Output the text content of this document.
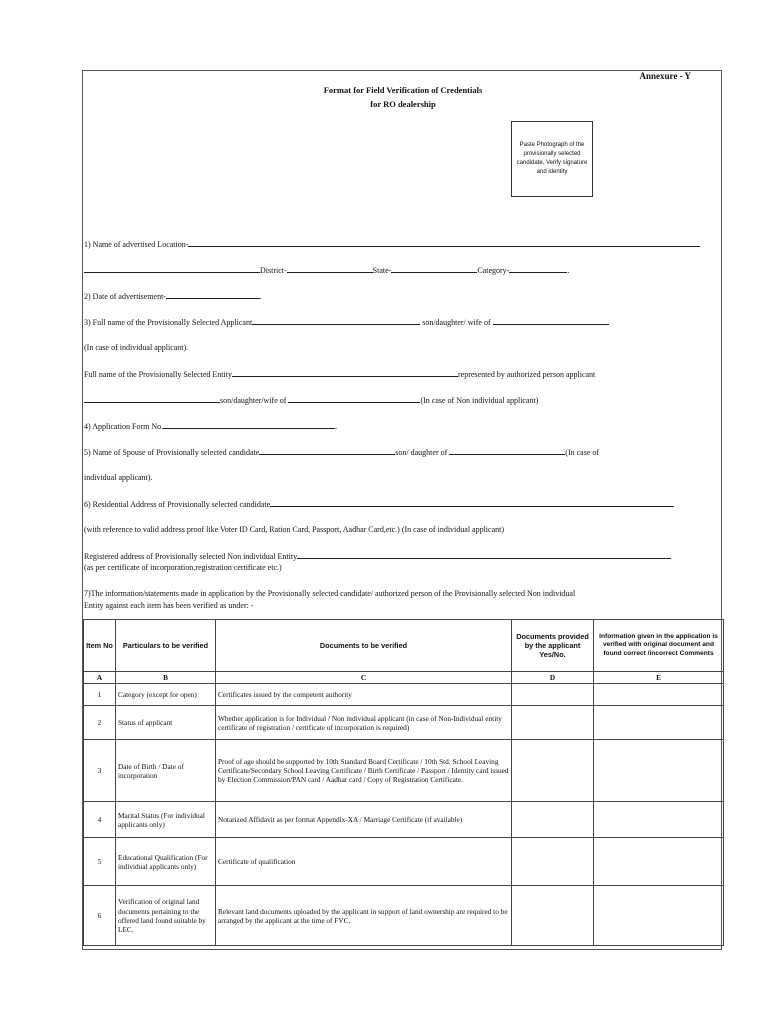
Annexure - Y
Format for Field Verification of Credentials
for RO dealership
Paste Photograph of the provisionally selected candidate. Verify signature and identity
1) Name of advertised Location-
District-	State-	Category-	.
2) Date of advertisement-	.
3) Full name of the Provisionally Selected Applicant	son/daughter/ wife of
(In case of individual applicant).
Full name of the Provisionally Selected Entity	represented by authorized person applicant
son/daughter/wife of	(In case of Non individual applicant)
4) Application Form No.	.
5) Name of Spouse of Provisionally selected candidate	son/ daughter of	(In case of
individual applicant).
6) Residential Address of Provisionally selected candidate
(with reference to valid address proof like Voter ID Card, Ration Card, Passport, Aadhar Card,etc.) (In case of individual applicant)
Registered address of Provisionally selected Non individual Entity
(as per certificate of incorporation,registration certificate etc.)
7)The information/statements made in application by the Provisionally selected candidate/ authorized person of the Provisionally selected Non individual
Entity against each item has been verified as under: -
Item No	Particulars to be verified	Documents to be verified	Documents provided by the applicant Yes/No.	Information given in the application is verified with original document and found correct /incorrect Comments
A	B	C	D	E
1	Category (except for open)	Certificates issued by the competent authority		
2	Status of applicant	Whether application is for Individual / Non individual applicant (in case of Non-Individual entity certificate of registration / certificate of incorporation is required)		
3	Date of Birth / Date of incorporation	Proof of age should be supported by 10th Standard Board Certificate / 10th Std. School Leaving Certificate/Secondary School Leaving Certificate / Birth Certificate / Passport / Identity card issued by Election Commission/PAN card / Aadhar card / Copy of Registration Certificate.		
4	Marital Status (For individual applicants only)	Notarized Affidavit as per format Appendix-XA / Marriage Certificate (if available)		
5	Educational Qualification (For individual applicants only)	Certificate of qualification		
6	Verification of original land documents pertaining to the offered land found suitable by LEC.	Relevant land documents uploaded by the applicant in support of land ownership are required to be arranged by the applicant at the time of FVC.		
